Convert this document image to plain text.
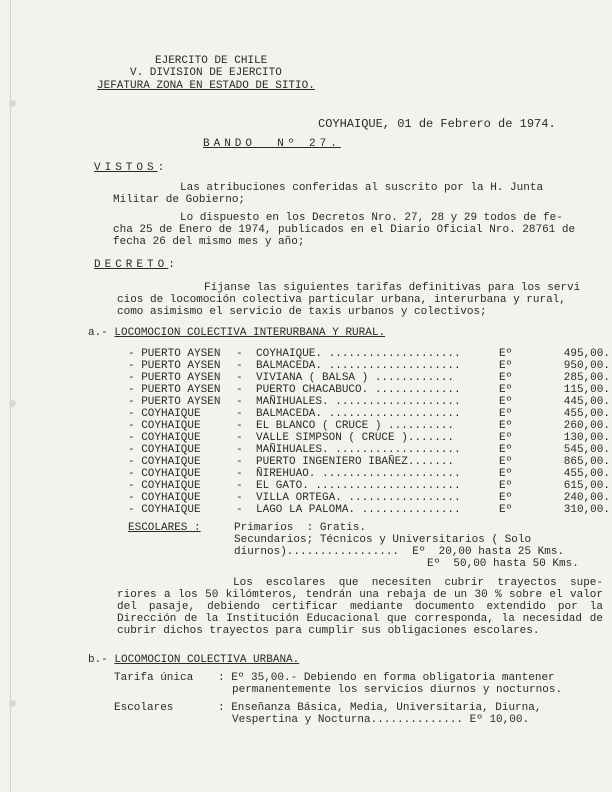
EJERCITO DE CHILE
V. DIVISION DE EJERCITO
JEFATURA ZONA EN ESTADO DE SITIO.
COYHAIQUE, 01 de Febrero de 1974.
BANDO  Nº 27.
VISTOS:
Las atribuciones conferidas al suscrito por la H. Junta
Militar de Gobierno;
Lo dispuesto en los Decretos Nro. 27, 28 y 29 todos de fe-
cha 25 de Enero de 1974, publicados en el Diario Oficial Nro. 28761 de
fecha 26 del mismo mes y año;
DECRETO:
Fíjanse las siguientes tarifas definitivas para los servi
cios de locomoción colectiva particular urbana, interurbana y rural,
como asimismo el servicio de taxis urbanos y colectivos;
a.- LOCOMOCION COLECTIVA INTERURBANA Y RURAL.
- PUERTO AYSEN - COYHAIQUE. ....................	Eº	495,00.
- PUERTO AYSEN - BALMACEDA. ....................	Eº	950,00.
- PUERTO AYSEN - VIVIANA ( BALSA ) ............	Eº	285,00.
- PUERTO AYSEN - PUERTO CHACABUCO. .............	Eº	115,00.
- PUERTO AYSEN - MAÑIHUALES. ...................	Eº	445,00.
- COYHAIQUE	- BALMACEDA. ....................	Eº	455,00.
- COYHAIQUE	- EL BLANCO ( CRUCE ) ..........	Eº	260,00.
- COYHAIQUE	- VALLE SIMPSON ( CRUCE ).......	Eº	130,00.
- COYHAIQUE	- MAÑIHUALES. ...................	Eº	545,00.
- COYHAIQUE	- PUERTO INGENIERO IBAÑEZ.......	Eº	865,00.
- COYHAIQUE	- ÑIREHUAO. .....................	Eº	455,00.
- COYHAIQUE	- EL GATO. ......................	Eº	615,00.
- COYHAIQUE	- VILLA ORTEGA. .................	Eº	240,00.
- COYHAIQUE	- LAGO LA PALOMA. ...............	Eº	310,00.
ESCOLARES :	Primarios  : Gratis.
Secundarios; Técnicos y Universitarios ( Solo
diurnos).................  Eº  20,00 hasta 25 Kms.
Eº  50,00 hasta 50 Kms.
Los escolares que necesiten cubrir trayectos supe- riores a los 50 kilómteros, tendrán una rebaja de un 30 % sobre el valor del pasaje, debiendo certificar mediante documento extendido por la Dirección de la Institución Educacional que corresponda, la necesidad de cubrir dichos trayectos para cumplir sus obligaciones escolares.
b.- LOCOMOCION COLECTIVA URBANA.
Tarifa única : Eº 35,00.- Debiendo en forma obligatoria mantener
permanentemente los servicios diurnos y nocturnos.
Escolares	: Enseñanza Básica, Media, Universitaria, Diurna,
Vespertina y Nocturna.............. Eº 10,00.
